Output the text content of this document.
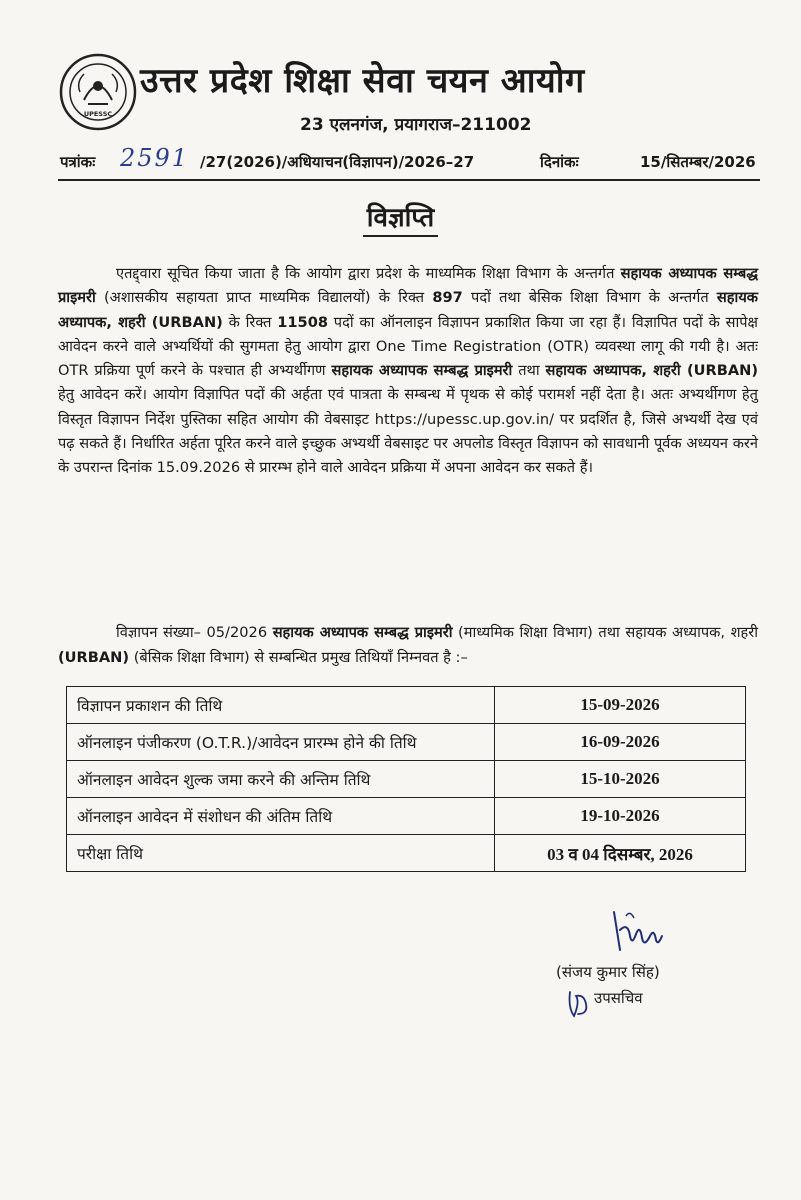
UPESSC
उत्तर प्रदेश शिक्षा सेवा चयन आयोग
23 एलनगंज, प्रयागराज–211002
पत्रांकः 2591 /27(2026)/अधियाचन(विज्ञापन)/2026–27	दिनांकः	15/सितम्बर/2026
विज्ञप्ति
एतद्द्वारा सूचित किया जाता है कि आयोग द्वारा प्रदेश के माध्यमिक शिक्षा विभाग के अन्तर्गत सहायक अध्यापक सम्बद्ध प्राइमरी (अशासकीय सहायता प्राप्त माध्यमिक विद्यालयों) के रिक्त 897 पदों तथा बेसिक शिक्षा विभाग के अन्तर्गत सहायक अध्यापक, शहरी (URBAN) के रिक्त 11508 पदों का ऑनलाइन विज्ञापन प्रकाशित किया जा रहा हैं। विज्ञापित पदों के सापेक्ष आवेदन करने वाले अभ्यर्थियों की सुगमता हेतु आयोग द्वारा One Time Registration (OTR) व्यवस्था लागू की गयी है। अतः OTR प्रक्रिया पूर्ण करने के पश्चात ही अभ्यर्थीगण सहायक अध्यापक सम्बद्ध प्राइमरी तथा सहायक अध्यापक, शहरी (URBAN) हेतु आवेदन करें। आयोग विज्ञापित पदों की अर्हता एवं पात्रता के सम्बन्ध में पृथक से कोई परामर्श नहीं देता है। अतः अभ्यर्थीगण हेतु विस्तृत विज्ञापन निर्देश पुस्तिका सहित आयोग की वेबसाइट https://upessc.up.gov.in/ पर प्रदर्शित है, जिसे अभ्यर्थी देख एवं पढ़ सकते हैं। निर्धारित अर्हता पूरित करने वाले इच्छुक अभ्यर्थी वेबसाइट पर अपलोड विस्तृत विज्ञापन को सावधानी पूर्वक अध्ययन करने के उपरान्त दिनांक 15.09.2026 से प्रारम्भ होने वाले आवेदन प्रक्रिया में अपना आवेदन कर सकते हैं।
विज्ञापन संख्या– 05/2026 सहायक अध्यापक सम्बद्ध प्राइमरी (माध्यमिक शिक्षा विभाग) तथा सहायक अध्यापक, शहरी (URBAN) (बेसिक शिक्षा विभाग) से सम्बन्धित प्रमुख तिथियाँ निम्नवत है :–
विज्ञापन प्रकाशन की तिथि	15-09-2026
ऑनलाइन पंजीकरण (O.T.R.)/आवेदन प्रारम्भ होने की तिथि	16-09-2026
ऑनलाइन आवेदन शुल्क जमा करने की अन्तिम तिथि	15-10-2026
ऑनलाइन आवेदन में संशोधन की अंतिम तिथि	19-10-2026
परीक्षा तिथि	03 व 04 दिसम्बर, 2026
(संजय कुमार सिंह)
उपसचिव
